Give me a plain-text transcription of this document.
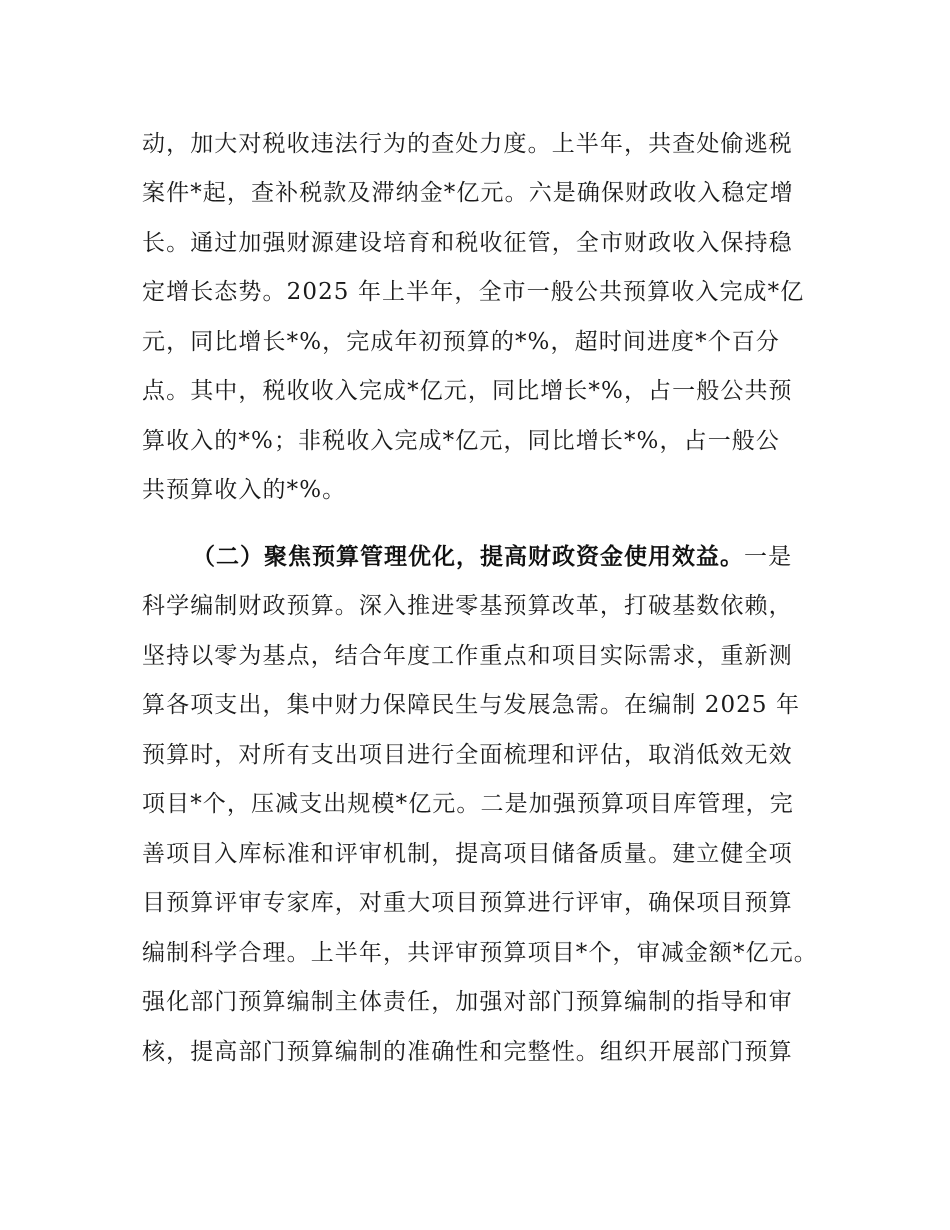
动，加大对税收违法行为的查处力度。上半年，共查处偷逃税

案件*起，查补税款及滞纳金*亿元。六是确保财政收入稳定增

长。通过加强财源建设培育和税收征管，全市财政收入保持稳

定增长态势。2025 年上半年，全市一般公共预算收入完成*亿

元，同比增长*%，完成年初预算的*%，超时间进度*个百分

点。其中，税收收入完成*亿元，同比增长*%，占一般公共预

算收入的*%；非税收入完成*亿元，同比增长*%，占一般公

共预算收入的*%。

（二）聚焦预算管理优化，提高财政资金使用效益。一是

科学编制财政预算。深入推进零基预算改革，打破基数依赖，

坚持以零为基点，结合年度工作重点和项目实际需求，重新测

算各项支出，集中财力保障民生与发展急需。在编制 2025 年

预算时，对所有支出项目进行全面梳理和评估，取消低效无效

项目*个，压减支出规模*亿元。二是加强预算项目库管理，完

善项目入库标准和评审机制，提高项目储备质量。建立健全项

目预算评审专家库，对重大项目预算进行评审，确保项目预算

编制科学合理。上半年，共评审预算项目*个，审减金额*亿元。

强化部门预算编制主体责任，加强对部门预算编制的指导和审

核，提高部门预算编制的准确性和完整性。组织开展部门预算
